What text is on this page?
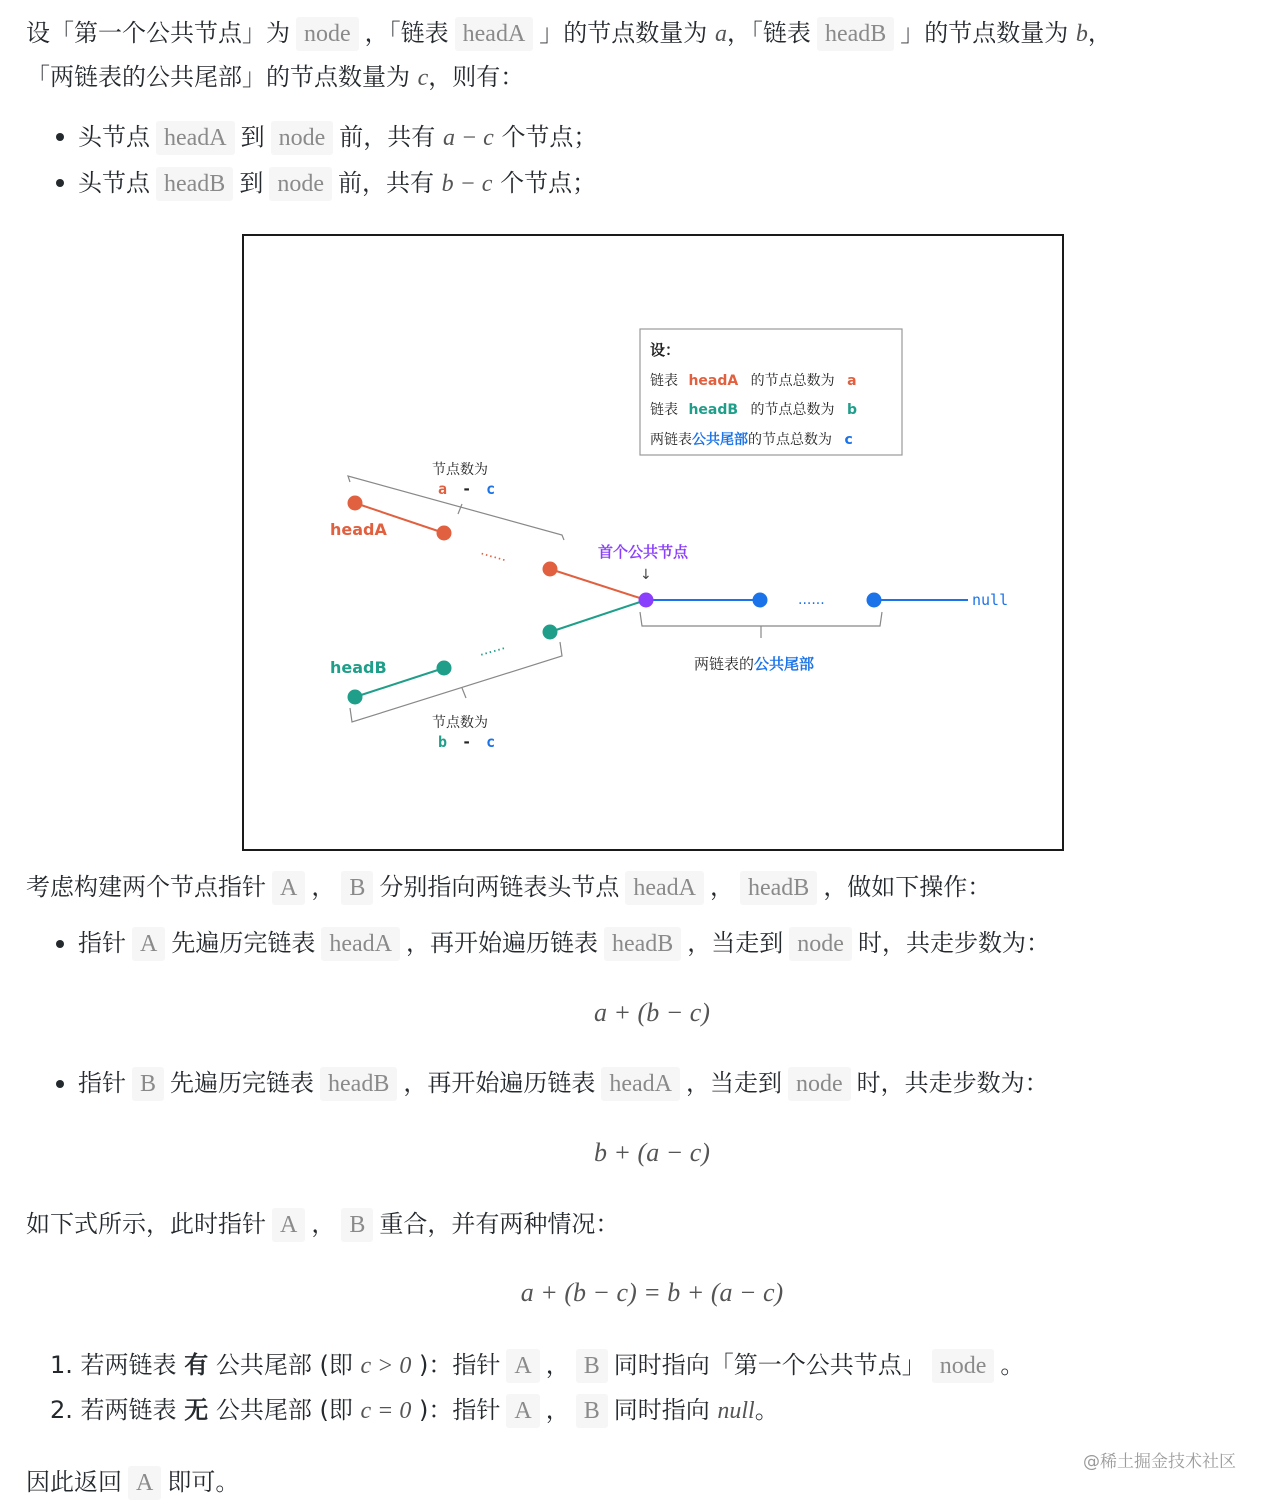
设「第一个公共节点」为 node ，「链表 headA 」的节点数量为 a，「链表 headB 」的节点数量为 b，
「两链表的公共尾部」的节点数量为 c，则有：
头节点 headA 到 node 前，共有 a − c 个节点；
头节点 headB 到 node 前，共有 b − c 个节点；
设：
链表 headA 的节点总数为 a
链表 headB 的节点总数为 b
两链表公共尾部的节点总数为 c
节点数为
a - c
......
headA
......
headB
节点数为
b - c
首个公共节点
↓
......	null
两链表的公共尾部
考虑构建两个节点指针 A ， B 分别指向两链表头节点 headA ， headB ，做如下操作：
指针 A 先遍历完链表 headA ，再开始遍历链表 headB ，当走到 node 时，共走步数为：
a + (b − c)
指针 B 先遍历完链表 headB ，再开始遍历链表 headA ，当走到 node 时，共走步数为：
b + (a − c)
如下式所示，此时指针 A ， B 重合，并有两种情况：
a + (b − c) = b + (a − c)
1. 若两链表 有 公共尾部 (即 c > 0 )：指针 A ， B 同时指向「第一个公共节点」 node 。
2. 若两链表 无 公共尾部 (即 c = 0 )：指针 A ， B 同时指向 null。
因此返回 A 即可。
@稀土掘金技术社区
